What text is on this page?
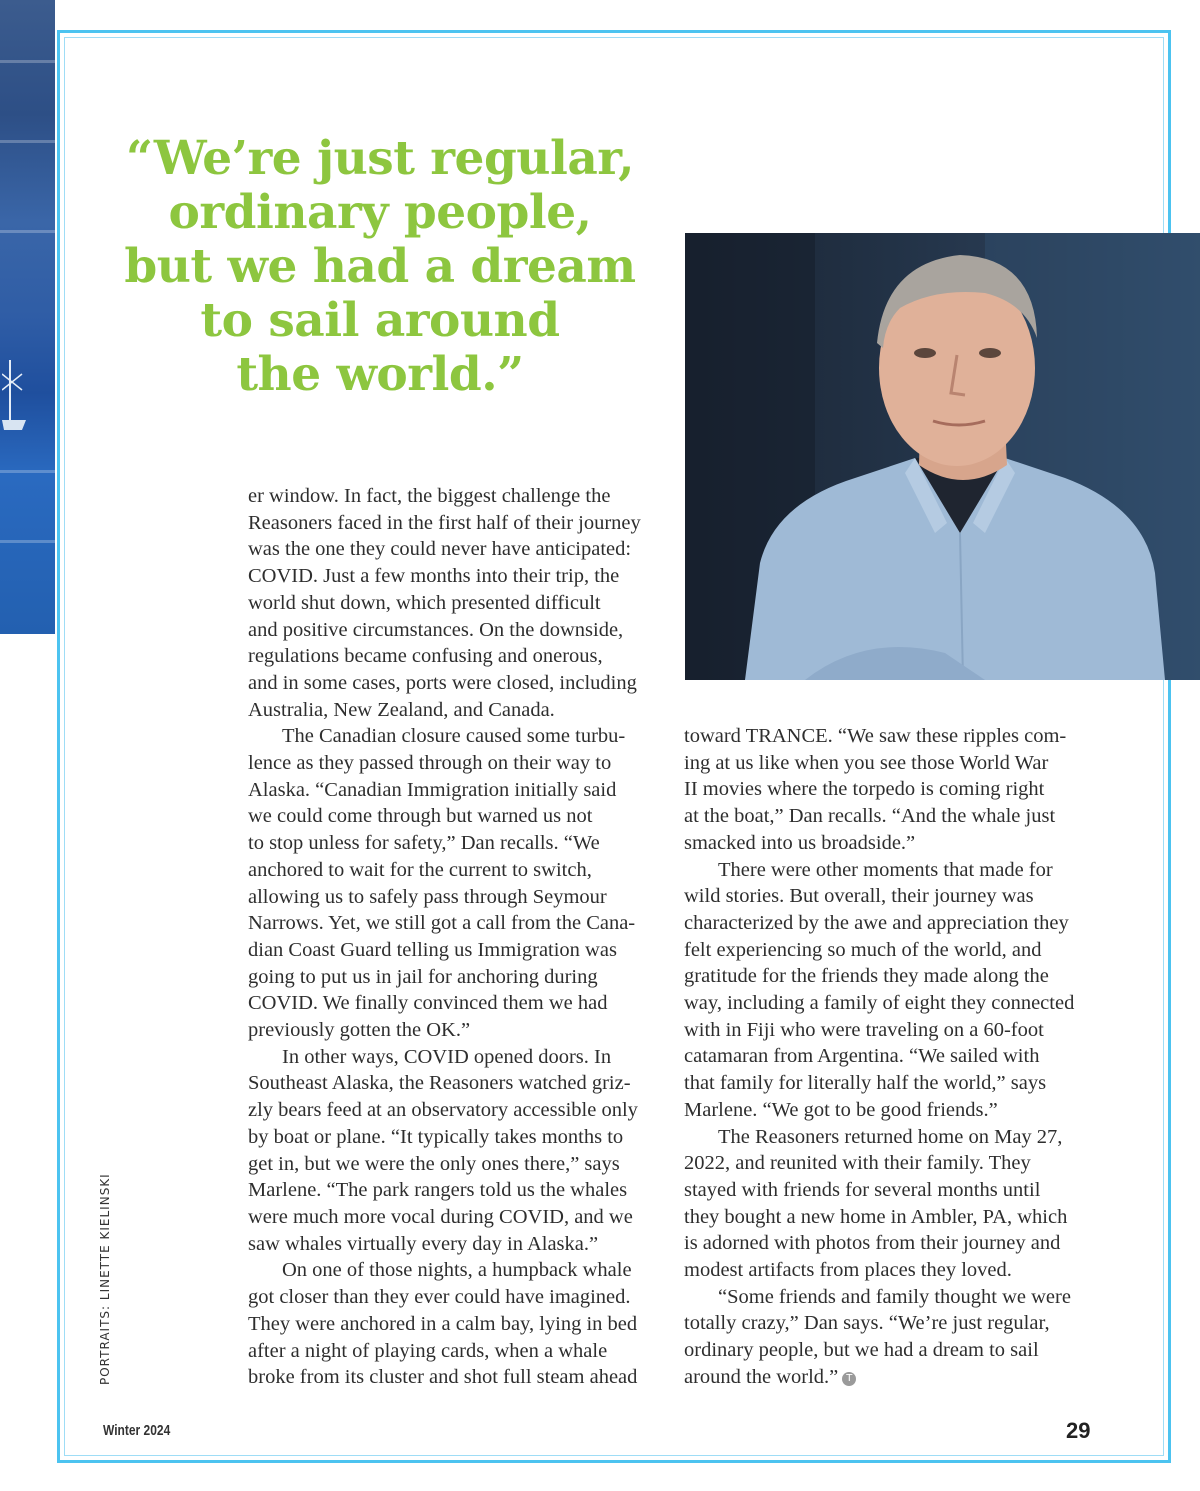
“We’re just regular,
ordinary people,
but we had a dream
to sail around
the world.”

er window. In fact, the biggest challenge the

Reasoners faced in the first half of their journey

was the one they could never have anticipated:

COVID. Just a few months into their trip, the

world shut down, which presented difficult

and positive circumstances. On the downside,

regulations became confusing and onerous,

and in some cases, ports were closed, including

Australia, New Zealand, and Canada.

The Canadian closure caused some turbu-

lence as they passed through on their way to

Alaska. “Canadian Immigration initially said

we could come through but warned us not

to stop unless for safety,” Dan recalls. “We

anchored to wait for the current to switch,

allowing us to safely pass through Seymour

Narrows. Yet, we still got a call from the Cana-

dian Coast Guard telling us Immigration was

going to put us in jail for anchoring during

COVID. We finally convinced them we had

previously gotten the OK.”

In other ways, COVID opened doors. In

Southeast Alaska, the Reasoners watched griz-

zly bears feed at an observatory accessible only

by boat or plane. “It typically takes months to

get in, but we were the only ones there,” says

Marlene. “The park rangers told us the whales

were much more vocal during COVID, and we

saw whales virtually every day in Alaska.”

On one of those nights, a humpback whale

got closer than they ever could have imagined.

They were anchored in a calm bay, lying in bed

after a night of playing cards, when a whale

broke from its cluster and shot full steam ahead

toward TRANCE. “We saw these ripples com-

ing at us like when you see those World War

II movies where the torpedo is coming right

at the boat,” Dan recalls. “And the whale just

smacked into us broadside.”

There were other moments that made for

wild stories. But overall, their journey was

characterized by the awe and appreciation they

felt experiencing so much of the world, and

gratitude for the friends they made along the

way, including a family of eight they connected

with in Fiji who were traveling on a 60-foot

catamaran from Argentina. “We sailed with

that family for literally half the world,” says

Marlene. “We got to be good friends.”

The Reasoners returned home on May 27,

2022, and reunited with their family. They

stayed with friends for several months until

they bought a new home in Ambler, PA, which

is adorned with photos from their journey and

modest artifacts from places they loved.

“Some friends and family thought we were

totally crazy,” Dan says. “We’re just regular,

ordinary people, but we had a dream to sail

around the world.” T

PORTRAITS: LINETTE KIELINSKI
Winter 2024	29
